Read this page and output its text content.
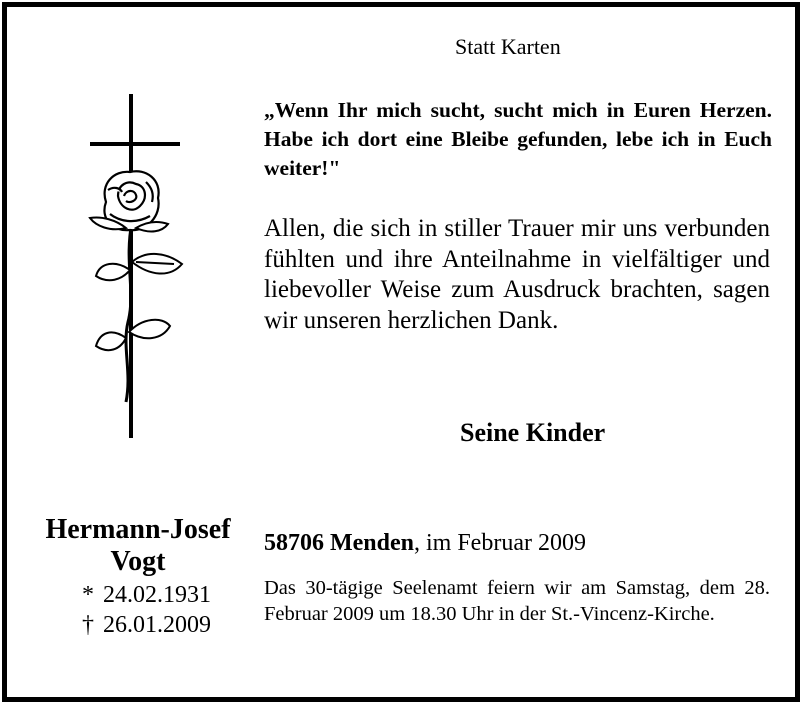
Statt Karten
„Wenn Ihr mich sucht, sucht mich in Euren Herzen. Habe ich dort eine Bleibe gefunden, lebe ich in Euch weiter!"
Allen, die sich in stiller Trauer mir uns verbunden fühlten und ihre Anteilnahme in vielfältiger und liebevoller Weise zum Ausdruck brachten, sagen wir unseren herzlichen Dank.
Seine Kinder
Hermann-Josef
Vogt
* 24.02.1931
† 26.01.2009
58706 Menden, im Februar 2009
Das 30-tägige Seelenamt feiern wir am Samstag, dem 28. Februar 2009 um 18.30 Uhr in der St.-Vincenz-Kirche.
